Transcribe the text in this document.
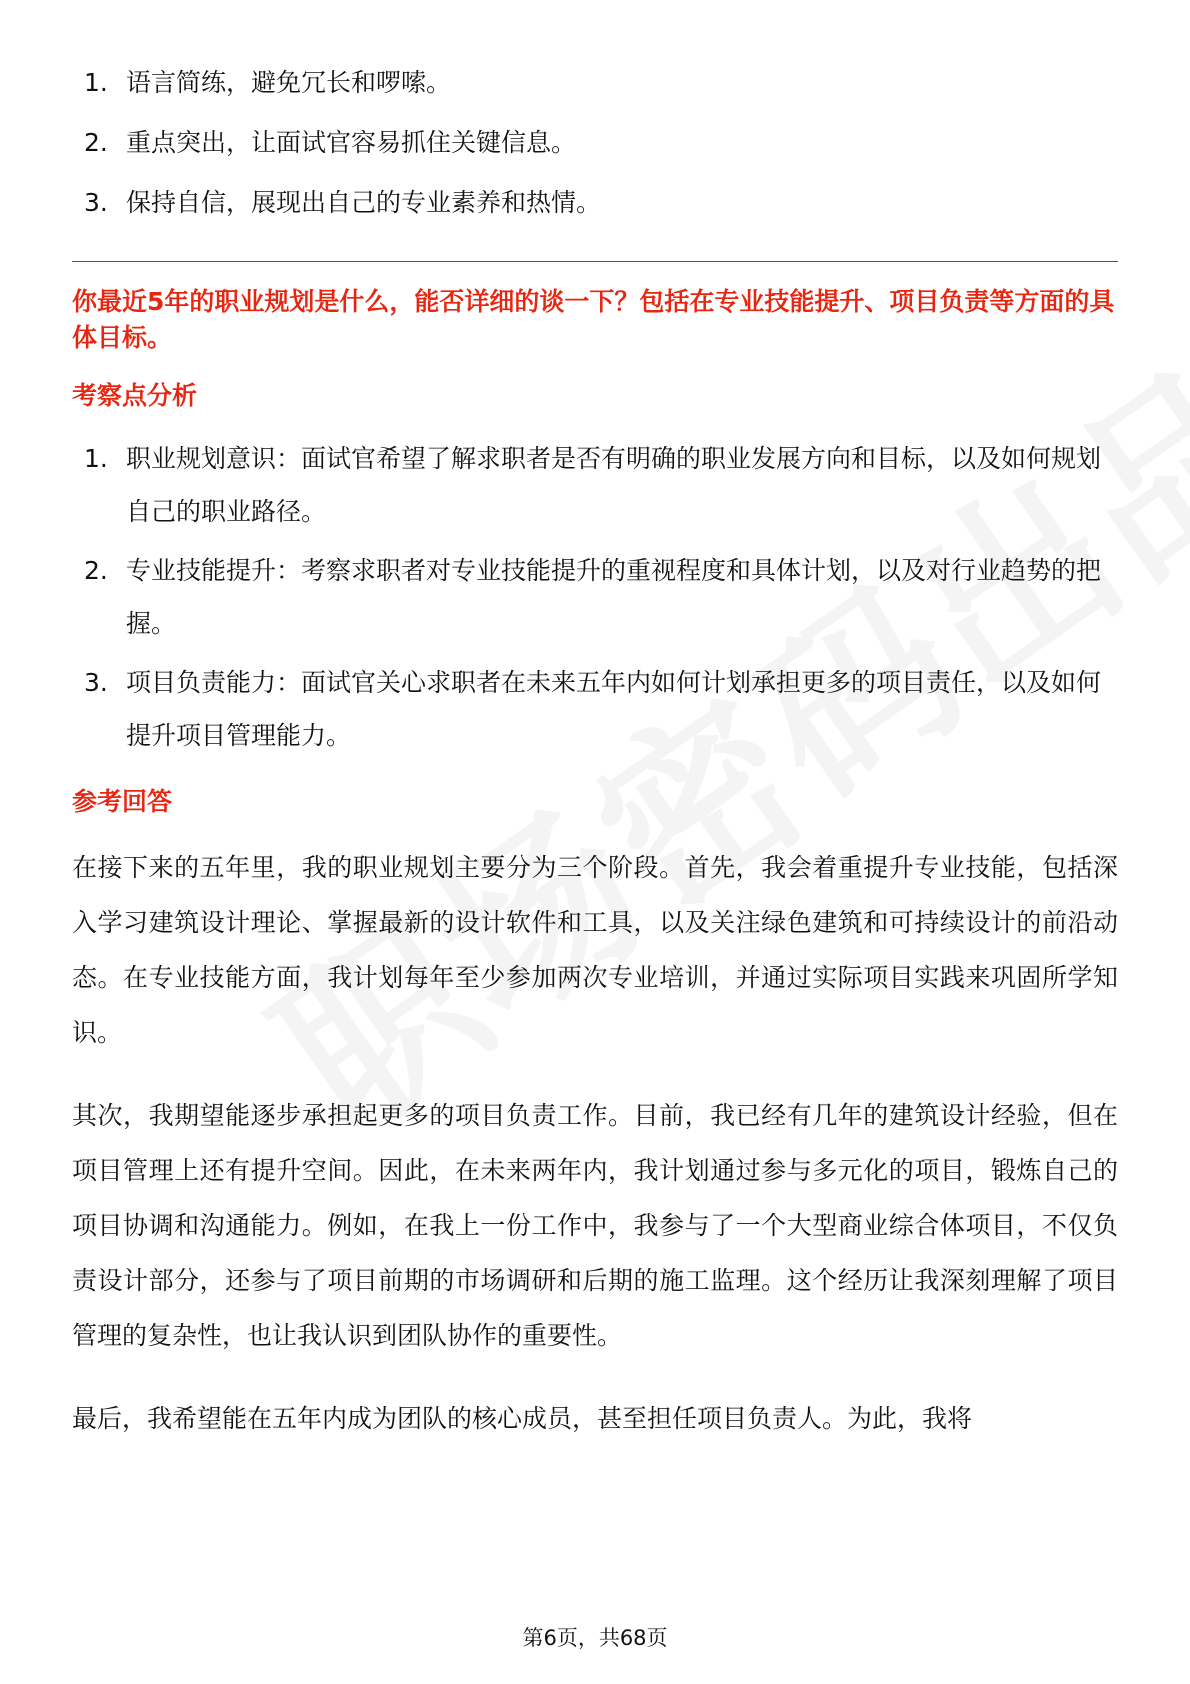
1. 语言简练，避免冗长和啰嗦。
2. 重点突出，让面试官容易抓住关键信息。
3. 保持自信，展现出自己的专业素养和热情。
你最近5年的职业规划是什么，能否详细的谈一下？包括在专业技能提升、项目负责等方面的具体目标。
考察点分析
1. 职业规划意识：面试官希望了解求职者是否有明确的职业发展方向和目标，以及如何规划自己的职业路径。
2. 专业技能提升：考察求职者对专业技能提升的重视程度和具体计划，以及对行业趋势的把握。
3. 项目负责能力：面试官关心求职者在未来五年内如何计划承担更多的项目责任，以及如何提升项目管理能力。
参考回答

在接下来的五年里，我的职业规划主要分为三个阶段。首先，我会着重提升专业技能，包括深入学习建筑设计理论、掌握最新的设计软件和工具，以及关注绿色建筑和可持续设计的前沿动态。在专业技能方面，我计划每年至少参加两次专业培训，并通过实际项目实践来巩固所学知识。

其次，我期望能逐步承担起更多的项目负责工作。目前，我已经有几年的建筑设计经验，但在项目管理上还有提升空间。因此，在未来两年内，我计划通过参与多元化的项目，锻炼自己的项目协调和沟通能力。例如，在我上一份工作中，我参与了一个大型商业综合体项目，不仅负责设计部分，还参与了项目前期的市场调研和后期的施工监理。这个经历让我深刻理解了项目管理的复杂性，也让我认识到团队协作的重要性。

最后，我希望能在五年内成为团队的核心成员，甚至担任项目负责人。为此，我将

第6页，共68页
